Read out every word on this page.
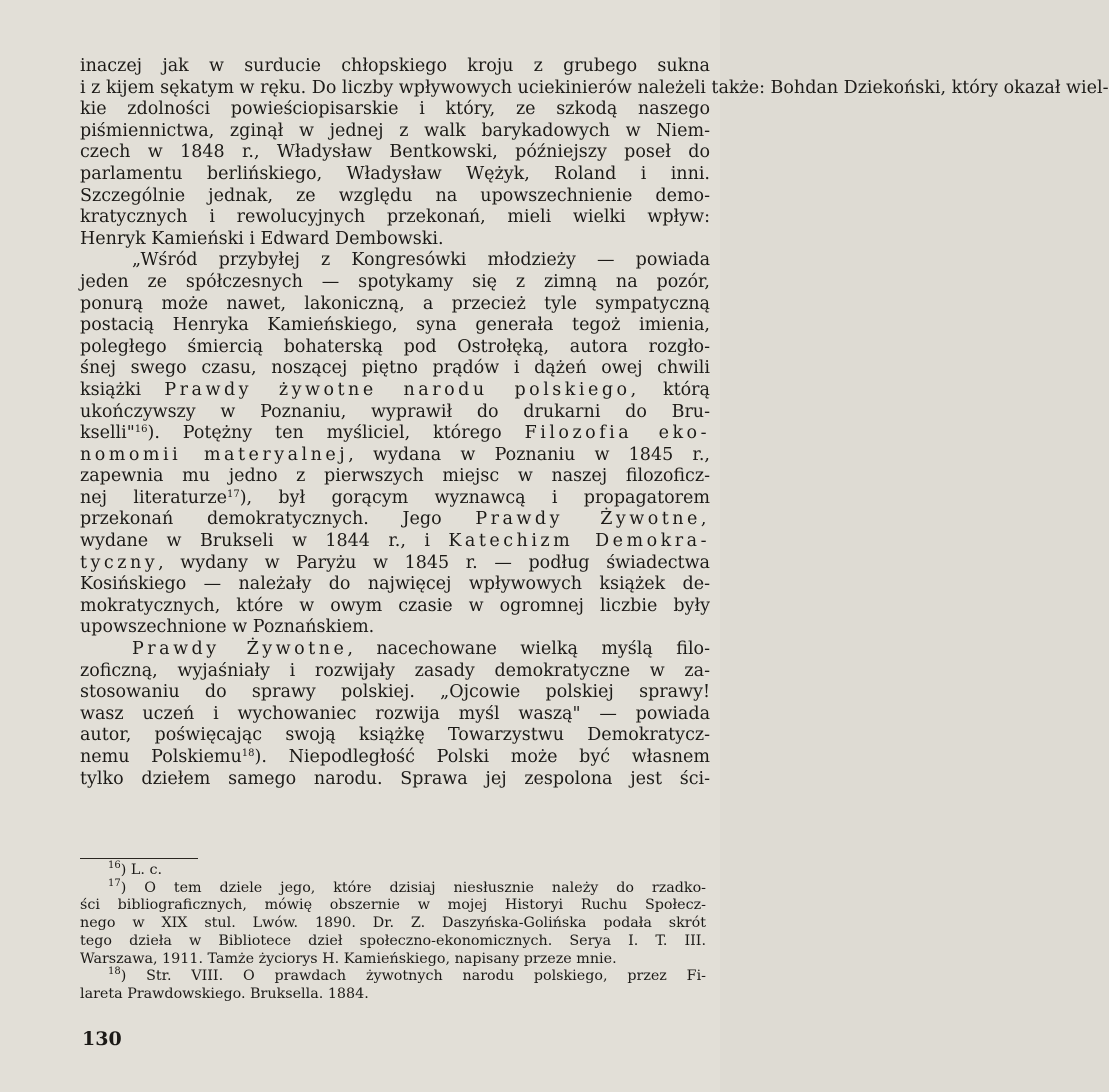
inaczej jak w surducie chłopskiego kroju z grubego sukna
i z kijem sękatym w ręku. Do liczby wpływowych uciekinierów należeli także: Bohdan Dziekoński, który okazał wiel-
kie zdolności powieściopisarskie i który, ze szkodą naszego
piśmiennictwa, zginął w jednej z walk barykadowych w Niem-
czech w 1848 r., Władysław Bentkowski, późniejszy poseł do
parlamentu berlińskiego, Władysław Wężyk, Roland i inni.
Szczególnie jednak, ze względu na upowszechnienie demo-
kratycznych i rewolucyjnych przekonań, mieli wielki wpływ:
Henryk Kamieński i Edward Dembowski.
„Wśród przybyłej z Kongresówki młodzieży — powiada
jeden ze spółczesnych — spotykamy się z zimną na pozór,
ponurą może nawet, lakoniczną, a przecież tyle sympatyczną
postacią Henryka Kamieńskiego, syna generała tegoż imienia,
poległego śmiercią bohaterską pod Ostrołęką, autora rozgło-
śnej swego czasu, noszącej piętno prądów i dążeń owej chwili
książki Prawdy żywotne narodu polskiego, którą
ukończywszy w Poznaniu, wyprawił do drukarni do Bru-
kselli"$^{16}$). Potężny ten myśliciel, którego Filozofia eko-
nomomii materyalnej, wydana w Poznaniu w 1845 r.,
zapewnia mu jedno z pierwszych miejsc w naszej filozoficz-
nej literaturze$^{17}$), był gorącym wyznawcą i propagatorem
przekonań demokratycznych. Jego Prawdy Żywotne,
wydane w Brukseli w 1844 r., i Katechizm Demokra-
tyczny, wydany w Paryżu w 1845 r. — podług świadectwa
Kosińskiego — należały do najwięcej wpływowych książek de-
mokratycznych, które w owym czasie w ogromnej liczbie były
upowszechnione w Poznańskiem.
Prawdy Żywotne, nacechowane wielką myślą filo-
zoficzną, wyjaśniały i rozwijały zasady demokratyczne w za-
stosowaniu do sprawy polskiej. „Ojcowie polskiej sprawy!
wasz uczeń i wychowaniec rozwija myśl waszą" — powiada
autor, poświęcając swoją książkę Towarzystwu Demokratycz-
nemu Polskiemu$^{18}$). Niepodległość Polski może być własnem
tylko dziełem samego narodu. Sprawa jej zespolona jest ści-
$^{16}$) L. c.
$^{17}$) O tem dziele jego, które dzisiaj niesłusznie należy do rzadko-
ści bibliograficznych, mówię obszernie w mojej Historyi Ruchu Społecz-
nego w XIX stul. Lwów. 1890. Dr. Z. Daszyńska-Golińska podała skrót
tego dzieła w Bibliotece dzieł społeczno-ekonomicznych. Serya I. T. III.
Warszawa, 1911. Tamże życiorys H. Kamieńskiego, napisany przeze mnie.
$^{18}$) Str. VIII. O prawdach żywotnych narodu polskiego, przez Fi-
lareta Prawdowskiego. Bruksella. 1884.
130
